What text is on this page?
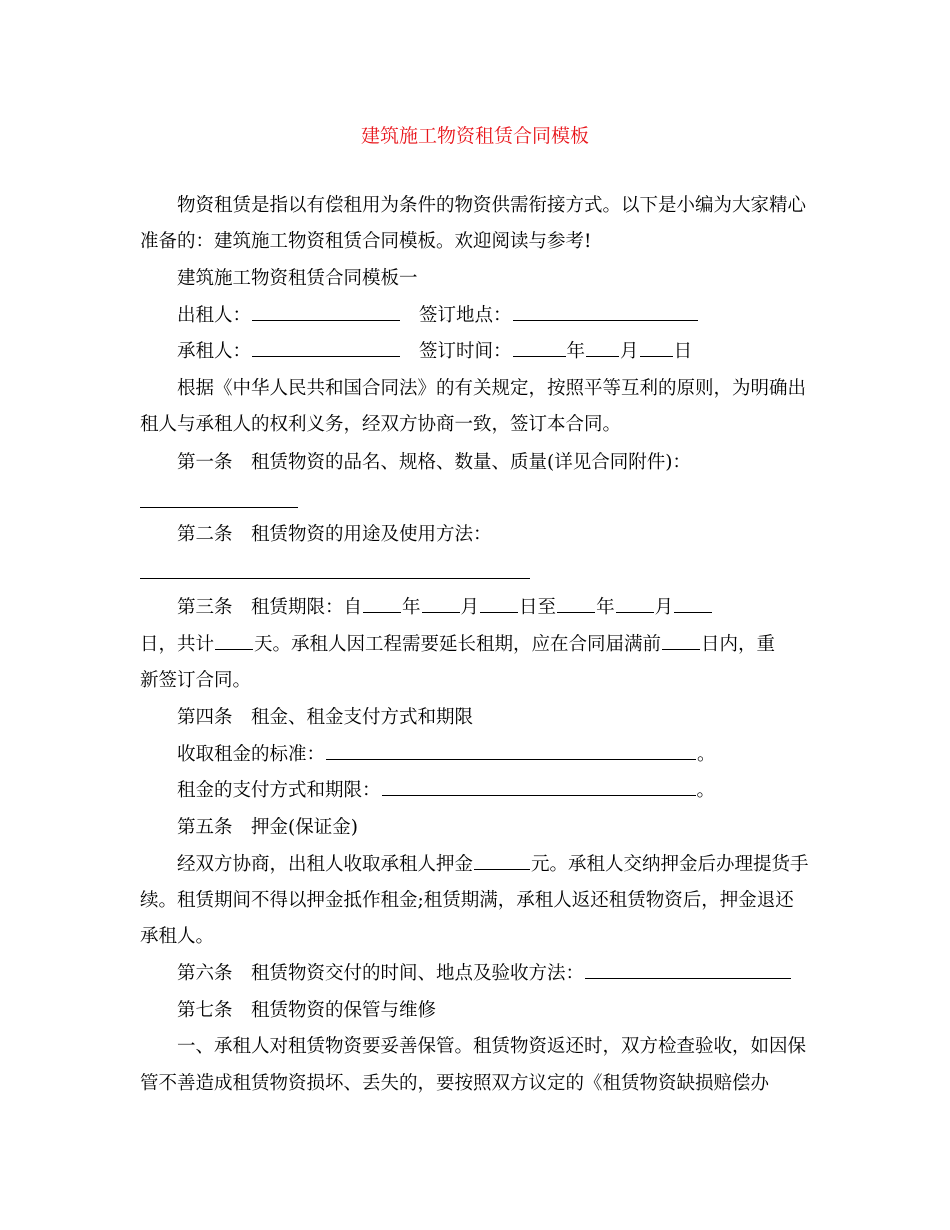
建筑施工物资租赁合同模板
物资租赁是指以有偿租用为条件的物资供需衔接方式。以下是小编为大家精心
准备的：建筑施工物资租赁合同模板。欢迎阅读与参考!
建筑施工物资租赁合同模板一
出租人：	签订地点：
承租人：	签订时间：	年 月 日
根据《中华人民共和国合同法》的有关规定，按照平等互利的原则，为明确出
租人与承租人的权利义务，经双方协商一致，签订本合同。
第一条　租赁物资的品名、规格、数量、质量(详见合同附件)：
第二条　租赁物资的用途及使用方法：
第三条　租赁期限：自 年 月 日至 年 月
日，共计 天。承租人因工程需要延长租期，应在合同届满前 日内，重
新签订合同。
第四条　租金、租金支付方式和期限
收取租金的标准：	。
租金的支付方式和期限：	。
第五条　押金(保证金)
经双方协商，出租人收取承租人押金	元。承租人交纳押金后办理提货手
续。租赁期间不得以押金抵作租金;租赁期满，承租人返还租赁物资后，押金退还
承租人。
第六条　租赁物资交付的时间、地点及验收方法：
第七条　租赁物资的保管与维修
一、承租人对租赁物资要妥善保管。租赁物资返还时，双方检查验收，如因保
管不善造成租赁物资损坏、丢失的，要按照双方议定的《租赁物资缺损赔偿办
